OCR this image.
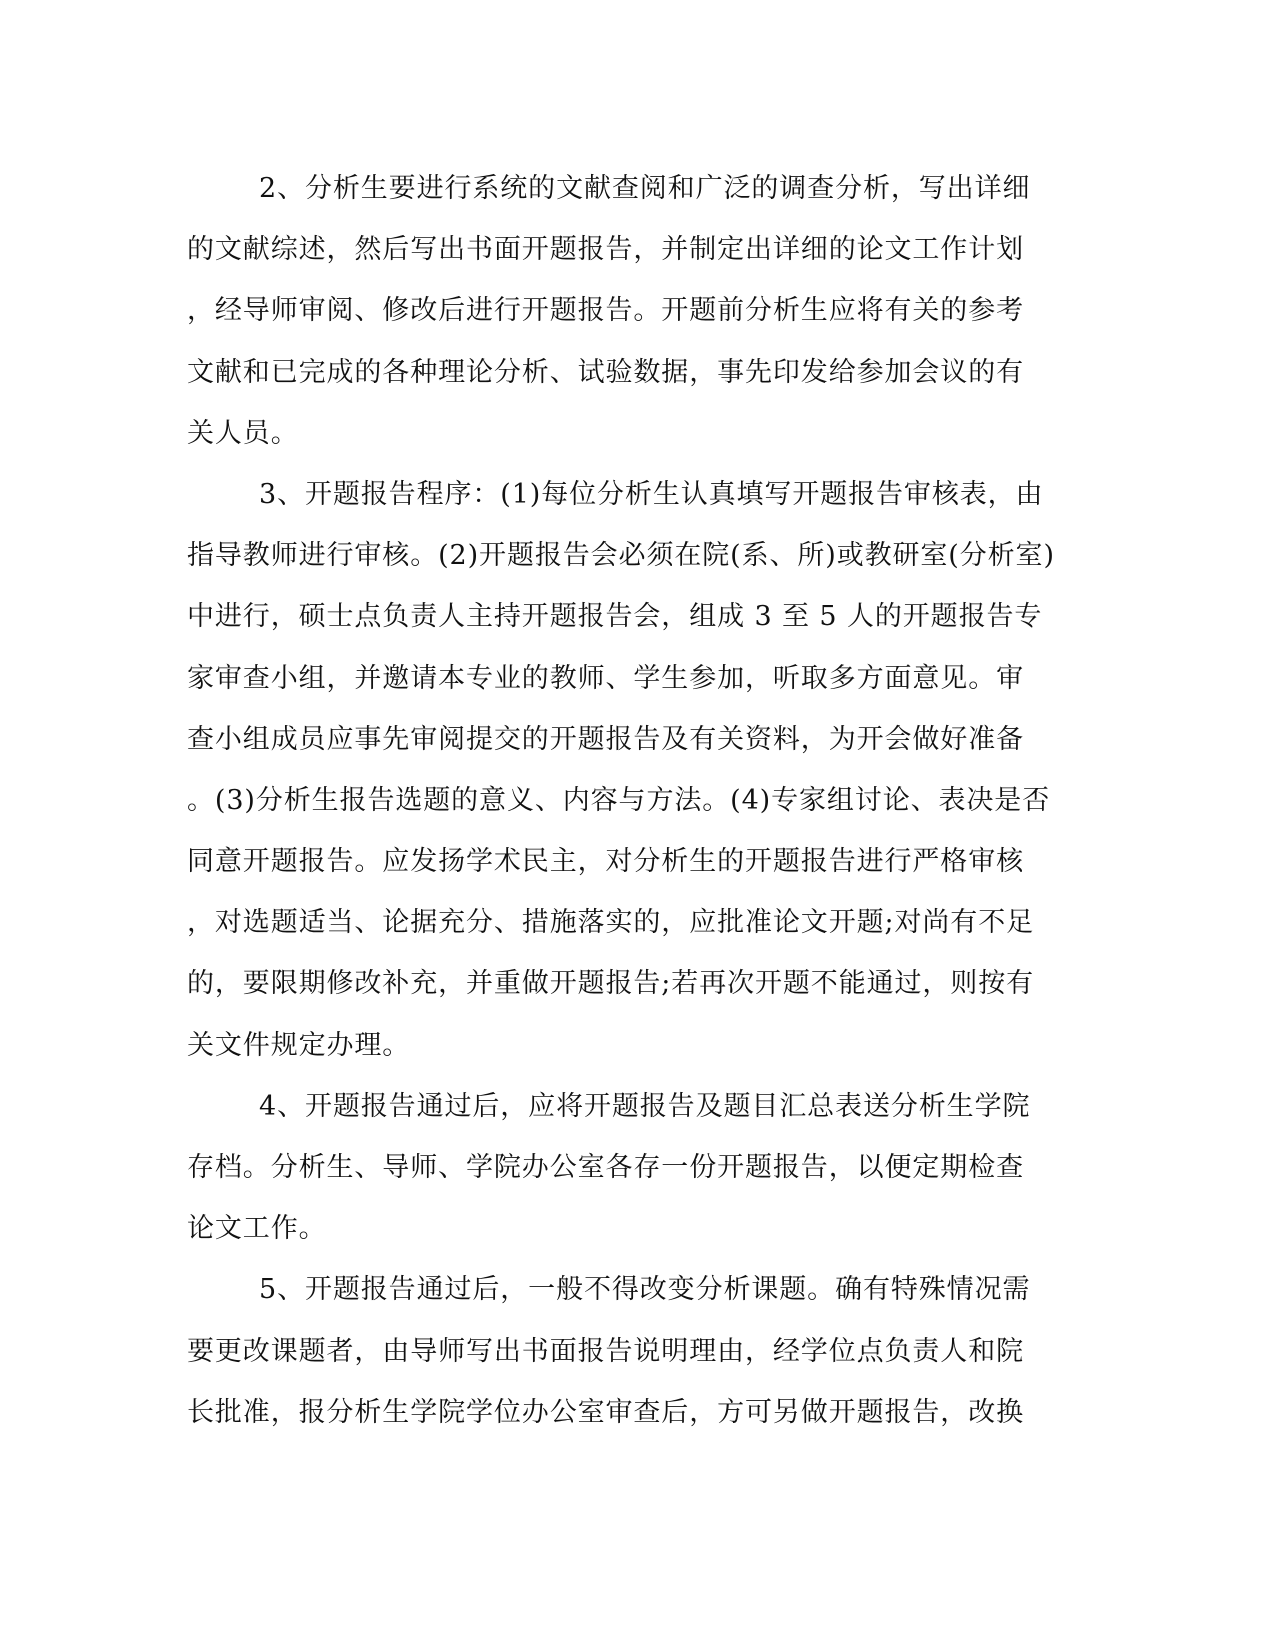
2、分析生要进行系统的文献查阅和广泛的调查分析，写出详细
的文献综述，然后写出书面开题报告，并制定出详细的论文工作计划
，经导师审阅、修改后进行开题报告。开题前分析生应将有关的参考
文献和已完成的各种理论分析、试验数据，事先印发给参加会议的有
关人员。
3、开题报告程序：(1)每位分析生认真填写开题报告审核表，由
指导教师进行审核。(2)开题报告会必须在院(系、所)或教研室(分析室)
中进行，硕士点负责人主持开题报告会，组成 3 至 5 人的开题报告专
家审查小组，并邀请本专业的教师、学生参加，听取多方面意见。审
查小组成员应事先审阅提交的开题报告及有关资料，为开会做好准备
。(3)分析生报告选题的意义、内容与方法。(4)专家组讨论、表决是否
同意开题报告。应发扬学术民主，对分析生的开题报告进行严格审核
，对选题适当、论据充分、措施落实的，应批准论文开题;对尚有不足
的，要限期修改补充，并重做开题报告;若再次开题不能通过，则按有
关文件规定办理。
4、开题报告通过后，应将开题报告及题目汇总表送分析生学院
存档。分析生、导师、学院办公室各存一份开题报告，以便定期检查
论文工作。
5、开题报告通过后，一般不得改变分析课题。确有特殊情况需
要更改课题者，由导师写出书面报告说明理由，经学位点负责人和院
长批准，报分析生学院学位办公室审查后，方可另做开题报告，改换
